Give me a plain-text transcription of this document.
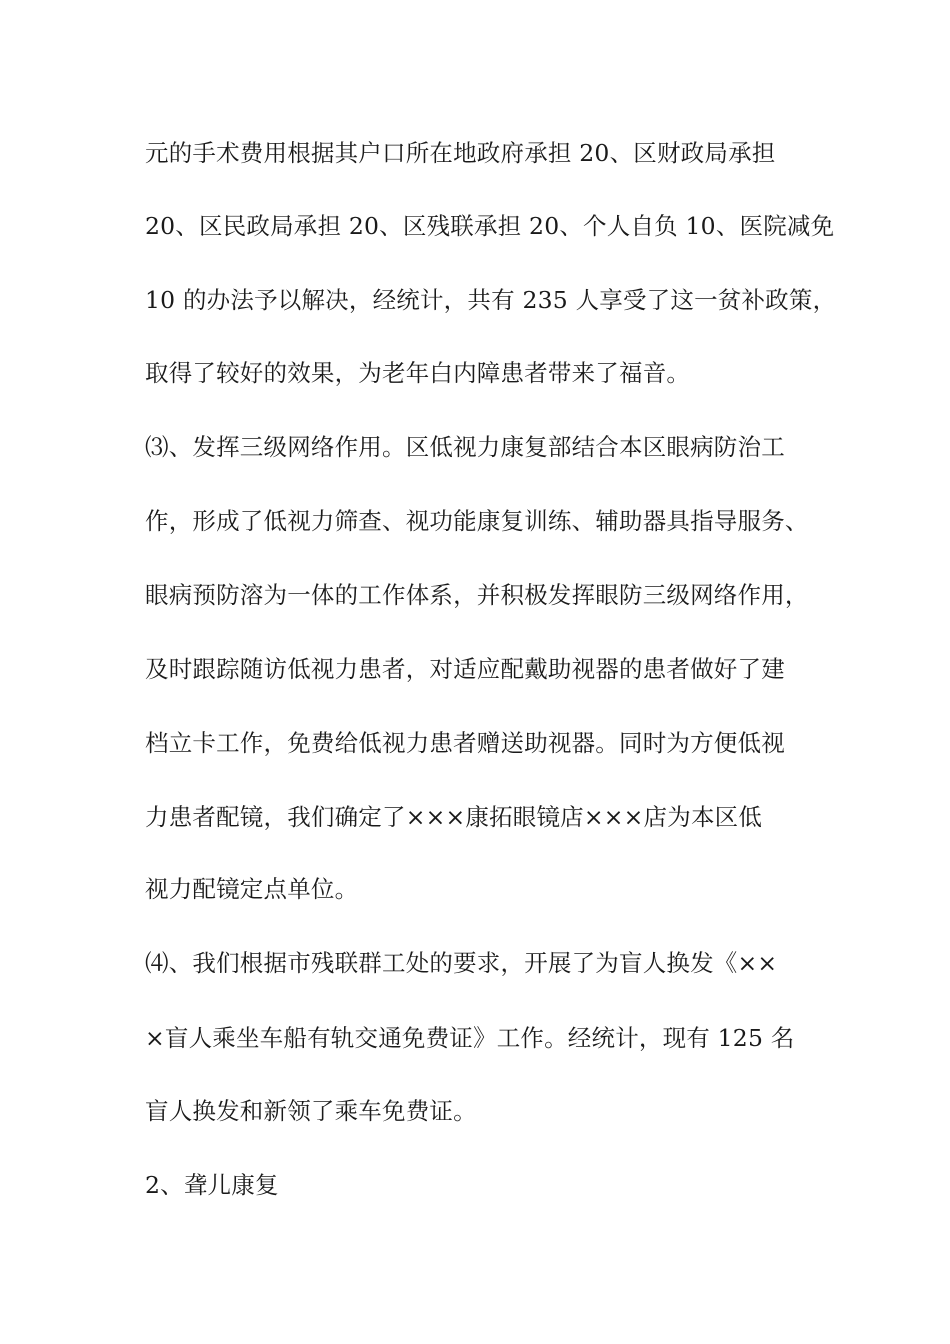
元的手术费用根据其户口所在地政府承担 20、区财政局承担
20、区民政局承担 20、区残联承担 20、个人自负 10、医院减免
10 的办法予以解决，经统计，共有 235 人享受了这一贫补政策，
取得了较好的效果，为老年白内障患者带来了福音。
⑶、发挥三级网络作用。区低视力康复部结合本区眼病防治工
作，形成了低视力筛查、视功能康复训练、辅助器具指导服务、
眼病预防溶为一体的工作体系，并积极发挥眼防三级网络作用，
及时跟踪随访低视力患者，对适应配戴助视器的患者做好了建
档立卡工作，免费给低视力患者赠送助视器。同时为方便低视
力患者配镜，我们确定了×××康拓眼镜店×××店为本区低
视力配镜定点单位。
⑷、我们根据市残联群工处的要求，开展了为盲人换发《××
×盲人乘坐车船有轨交通免费证》工作。经统计，现有 125 名
盲人换发和新领了乘车免费证。
2、聋儿康复
